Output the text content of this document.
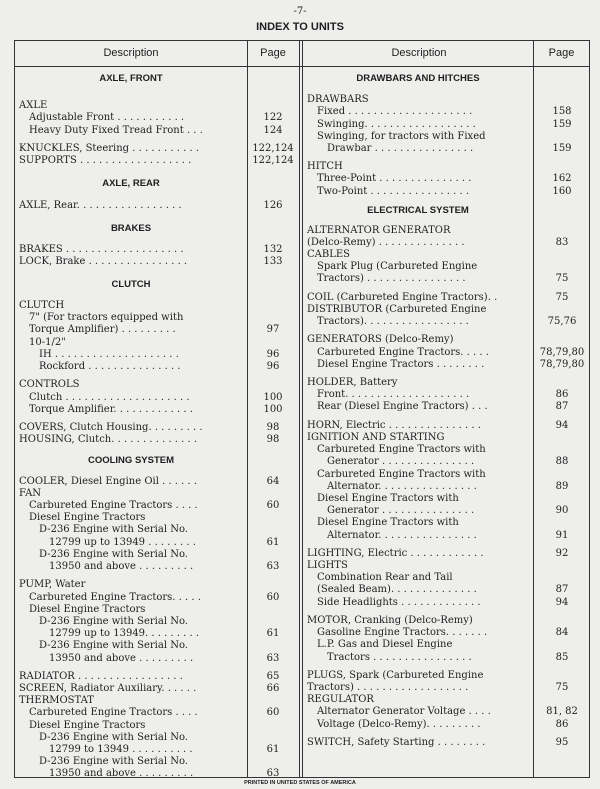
-7-
INDEX TO UNITS
Description	Page	Description	Page
AXLE, FRONT
AXLE
Adjustable Front . . . . . . . . . . .	122
Heavy Duty Fixed Tread Front . . .	124
KNUCKLES, Steering . . . . . . . . . . .	122,124
SUPPORTS . . . . . . . . . . . . . . . . . .	122,124
AXLE, REAR
AXLE, Rear. . . . . . . . . . . . . . . . .	126
BRAKES
BRAKES . . . . . . . . . . . . . . . . . . .	132
LOCK, Brake . . . . . . . . . . . . . . . .	133
CLUTCH
CLUTCH
7" (For tractors equipped with
Torque Amplifier) . . . . . . . . .	97
10-1/2"
IH . . . . . . . . . . . . . . . . . . . .	96
Rockford . . . . . . . . . . . . . . .	96
CONTROLS
Clutch . . . . . . . . . . . . . . . . . . . .	100
Torque Amplifier. . . . . . . . . . . . .	100
COVERS, Clutch Housing. . . . . . . . .	98
HOUSING, Clutch. . . . . . . . . . . . . .	98
COOLING SYSTEM
COOLER, Diesel Engine Oil . . . . . .	64
FAN
Carbureted Engine Tractors . . . .	60
Diesel Engine Tractors
D-236 Engine with Serial No.
12799 up to 13949 . . . . . . . .	61
D-236 Engine with Serial No.
13950 and above . . . . . . . . .	63
PUMP, Water
Carbureted Engine Tractors. . . . .	60
Diesel Engine Tractors
D-236 Engine with Serial No.
12799 up to 13949. . . . . . . . .	61
D-236 Engine with Serial No.
13950 and above . . . . . . . . .	63
RADIATOR . . . . . . . . . . . . . . . . .	65
SCREEN, Radiator Auxiliary. . . . . .	66
THERMOSTAT
Carbureted Engine Tractors . . . .	60
Diesel Engine Tractors
D-236 Engine with Serial No.
12799 to 13949 . . . . . . . . . .	61
D-236 Engine with Serial No.
13950 and above . . . . . . . . .	63
DRAWBARS AND HITCHES
DRAWBARS
Fixed . . . . . . . . . . . . . . . . . . . .	158
Swinging. . . . . . . . . . . . . . . . . .	159
Swinging, for tractors with Fixed
Drawbar . . . . . . . . . . . . . . . .	159
HITCH
Three-Point . . . . . . . . . . . . . . .	162
Two-Point . . . . . . . . . . . . . . . .	160
ELECTRICAL SYSTEM
ALTERNATOR GENERATOR
(Delco-Remy) . . . . . . . . . . . . . .	83
CABLES
Spark Plug (Carbureted Engine
Tractors) . . . . . . . . . . . . . . . .	75
COIL (Carbureted Engine Tractors). .	75
DISTRIBUTOR (Carbureted Engine
Tractors). . . . . . . . . . . . . . . . .	75,76
GENERATORS (Delco-Remy)
Carbureted Engine Tractors. . . . .	78,79,80
Diesel Engine Tractors . . . . . . . .	78,79,80
HOLDER, Battery
Front. . . . . . . . . . . . . . . . . . . .	86
Rear (Diesel Engine Tractors) . . .	87
HORN, Electric . . . . . . . . . . . . . . .	94
IGNITION AND STARTING
Carbureted Engine Tractors with
Generator . . . . . . . . . . . . . . .	88
Carbureted Engine Tractors with
Alternator. . . . . . . . . . . . . . . .	89
Diesel Engine Tractors with
Generator . . . . . . . . . . . . . . .	90
Diesel Engine Tractors with
Alternator. . . . . . . . . . . . . . . .	91
LIGHTING, Electric . . . . . . . . . . . .	92
LIGHTS
Combination Rear and Tail
(Sealed Beam). . . . . . . . . . . . . .	87
Side Headlights . . . . . . . . . . . . .	94
MOTOR, Cranking (Delco-Remy)
Gasoline Engine Tractors. . . . . . .	84
L.P. Gas and Diesel Engine
Tractors . . . . . . . . . . . . . . . .	85
PLUGS, Spark (Carbureted Engine
Tractors) . . . . . . . . . . . . . . . . . .	75
REGULATOR
Alternator Generator Voltage . . . .	81, 82
Voltage (Delco-Remy). . . . . . . . .	86
SWITCH, Safety Starting . . . . . . . .	95
PRINTED IN UNITED STATES OF AMERICA
